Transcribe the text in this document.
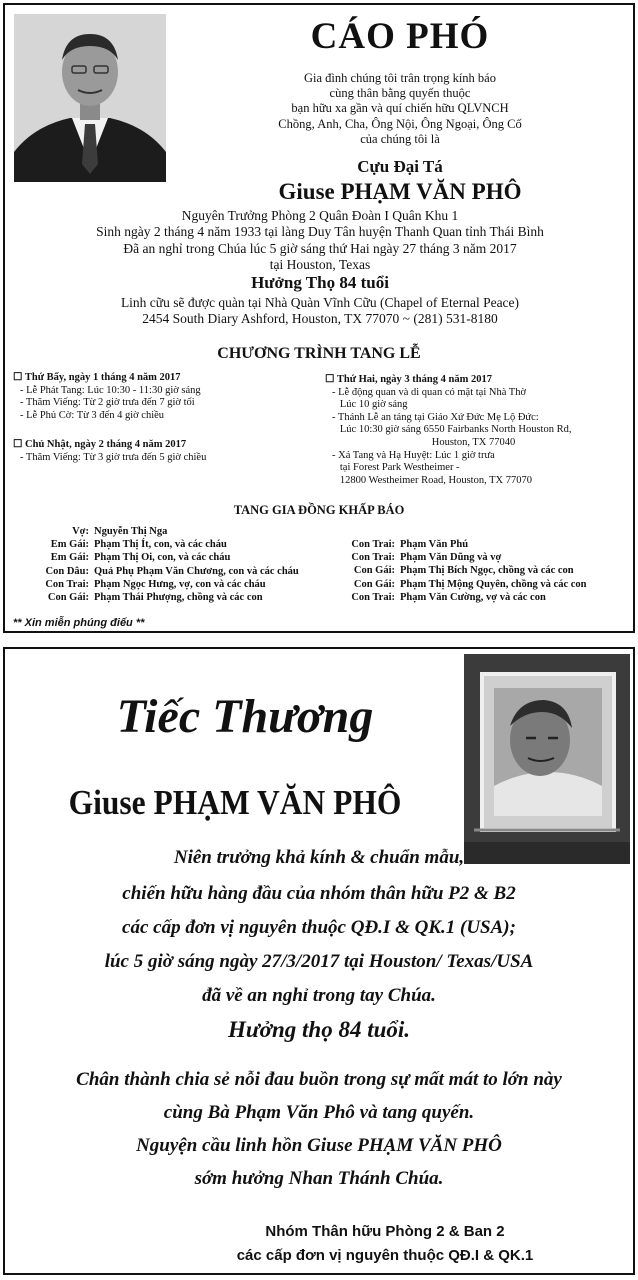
CÁO PHÓ
Gia đình chúng tôi trân trọng kính báo
cùng thân bằng quyến thuộc
bạn hữu xa gần và quí chiến hữu QLVNCH
Chồng, Anh, Cha, Ông Nội, Ông Ngoại, Ông Cố
của chúng tôi là
Cựu Đại Tá
Giuse PHẠM VĂN PHÔ
Nguyên Trưởng Phòng 2 Quân Đoàn I Quân Khu 1
Sinh ngày 2 tháng 4 năm 1933 tại làng Duy Tân huyện Thanh Quan tỉnh Thái Bình
Đã an nghỉ trong Chúa lúc 5 giờ sáng thứ Hai ngày 27 tháng 3 năm 2017
tại Houston, Texas
Hưởng Thọ 84 tuổi
Linh cữu sẽ được quàn tại Nhà Quàn Vĩnh Cữu (Chapel of Eternal Peace)
2454 South Diary Ashford, Houston, TX 77070 ~ (281) 531-8180
CHƯƠNG TRÌNH TANG LỄ
☐ Thứ Bẩy, ngày 1 tháng 4 năm 2017
- Lễ Phát Tang: Lúc 10:30 - 11:30 giờ sáng
- Thăm Viếng: Từ 2 giờ trưa đến 7 giờ tối
- Lễ Phủ Cờ: Từ 3 đến 4 giờ chiều
☐ Chủ Nhật, ngày 2 tháng 4 năm 2017
- Thăm Viếng: Từ 3 giờ trưa đến 5 giờ chiều
☐ Thứ Hai, ngày 3 tháng 4 năm 2017
- Lễ động quan và di quan có mặt tại Nhà Thờ
Lúc 10 giờ sáng
- Thánh Lễ an táng tại Giáo Xứ Đức Mẹ Lộ Đức:
Lúc 10:30 giờ sáng 6550 Fairbanks North Houston Rd,
Houston, TX 77040
- Xả Tang và Hạ Huyệt: Lúc 1 giờ trưa
tại Forest Park Westheimer -
12800 Westheimer Road, Houston, TX 77070
TANG GIA ĐỒNG KHẤP BÁO
Vợ: Nguyễn Thị Nga
Em Gái: Phạm Thị Ít, con, và các cháu
Em Gái: Phạm Thị Oi, con, và các cháu
Con Dâu: Quả Phụ Phạm Văn Chương, con và các cháu
Con Trai: Phạm Ngọc Hưng, vợ, con và các cháu
Con Gái: Phạm Thái Phượng, chồng và các con
Con Trai: Phạm Văn Phú
Con Trai: Phạm Văn Dũng và vợ
Con Gái: Phạm Thị Bích Ngọc, chồng và các con
Con Gái: Phạm Thị Mộng Quyên, chồng và các con
Con Trai: Phạm Văn Cường, vợ và các con
** Xin miễn phúng điếu **
Tiếc Thương
Giuse PHẠM VĂN PHÔ
Niên trưởng khả kính & chuẩn mẫu,
chiến hữu hàng đầu của nhóm thân hữu P2 & B2
các cấp đơn vị nguyên thuộc QĐ.I & QK.1 (USA);
lúc 5 giờ sáng ngày 27/3/2017 tại Houston/ Texas/USA
đã về an nghỉ trong tay Chúa.
Hưởng thọ 84 tuổi.
Chân thành chia sẻ nỗi đau buồn trong sự mất mát to lớn này
cùng Bà Phạm Văn Phô và tang quyến.
Nguyện cầu linh hồn Giuse PHẠM VĂN PHÔ
sớm hưởng Nhan Thánh Chúa.
Nhóm Thân hữu Phòng 2 & Ban 2
các cấp đơn vị nguyên thuộc QĐ.I & QK.1
